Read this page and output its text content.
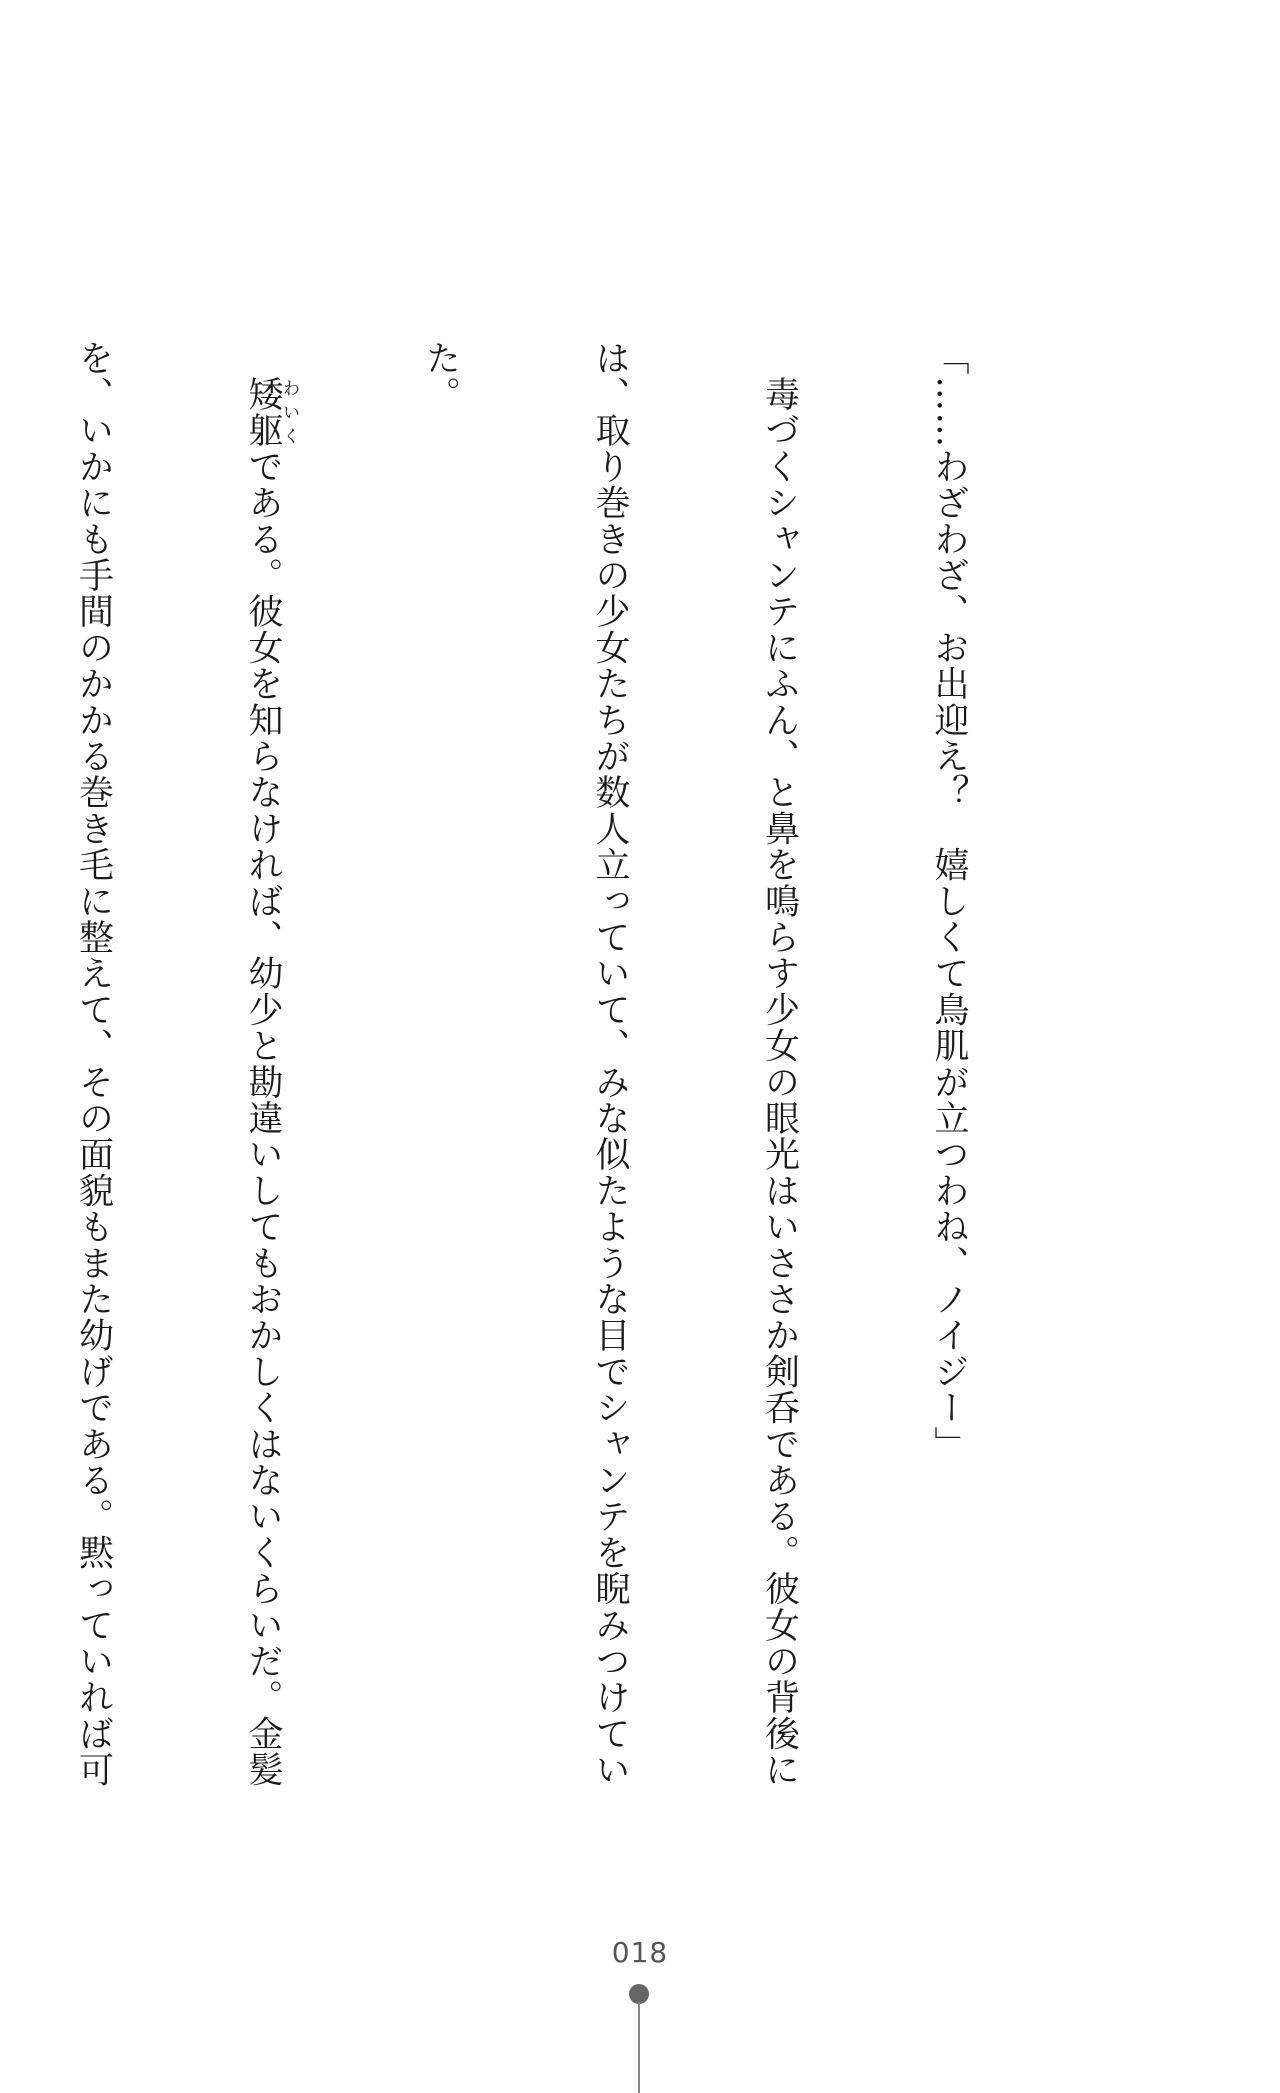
「……わざわざ、お出迎え？　嬉しくて鳥肌が立つわね、ノイジー」

　毒づくシャンテにふん、と鼻を鳴らす少女の眼光はいささか剣呑である。彼女の背後に

は、取り巻きの少女たちが数人立っていて、みな似たような目でシャンテを睨みつけてい

た。

　矮躯わいくである。彼女を知らなければ、幼少と勘違いしてもおかしくはないくらいだ。金髪

を、いかにも手間のかかる巻き毛に整えて、その面貌もまた幼げである。黙っていれば可

018
